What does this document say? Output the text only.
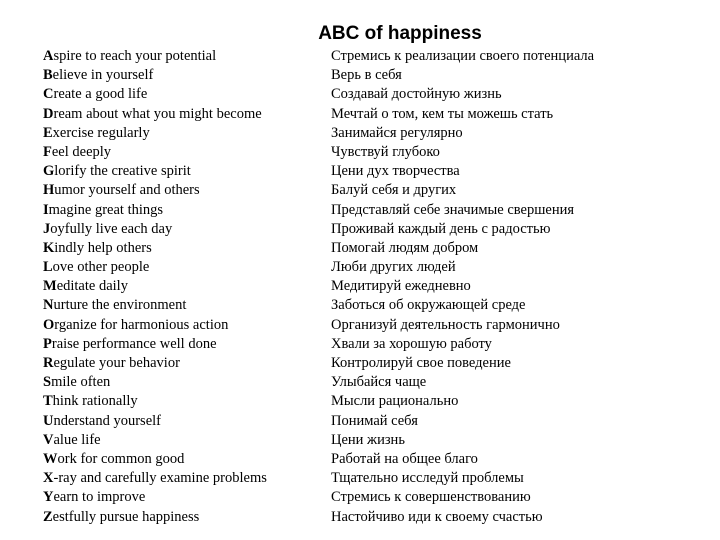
ABC of happiness
Aspire to reach your potential
Believe in yourself
Create a good life
Dream about what you might become
Exercise regularly
Feel deeply
Glorify the creative spirit
Humor yourself and others
Imagine great things
Joyfully live each day
Kindly help others
Love other people
Meditate daily
Nurture the environment
Organize for harmonious action
Praise performance well done
Regulate your behavior
Smile often
Think rationally
Understand yourself
Value life
Work for common good
X-ray and carefully examine problems
Yearn to improve
Zestfully pursue happiness
Стремись к реализации своего потенциала
Верь в себя
Создавай достойную жизнь
Мечтай о том, кем ты можешь стать
Занимайся регулярно
Чувствуй глубоко
Цени дух творчества
Балуй себя и других
Представляй себе значимые свершения
Проживай каждый день с радостью
Помогай людям добром
Люби других людей
Медитируй ежедневно
Заботься об окружающей среде
Организуй деятельность гармонично
Хвали за хорошую работу
Контролируй свое поведение
Улыбайся чаще
Мысли рационально
Понимай себя
Цени жизнь
Работай на общее благо
Тщательно исследуй проблемы
Стремись к совершенствованию
Настойчиво иди к своему счастью
